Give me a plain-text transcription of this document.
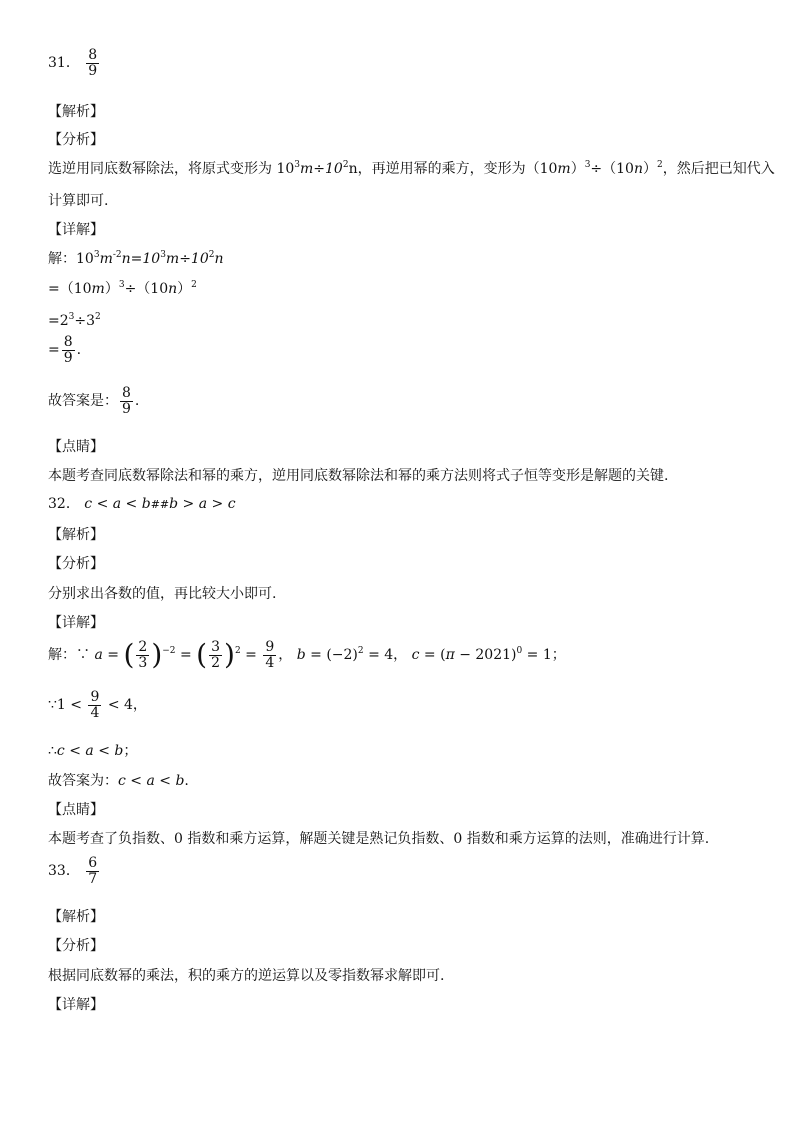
31． $\frac{8}{9}$
【解析】
【分析】
选逆用同底数幂除法，将原式变形为 $10^3m\div 10^2n$，再逆用幂的乘方，变形为$(10m)^3\div(10n)^2$，然后把已知代入
计算即可.
【详解】
解：$10^3m^{-2}n=10^3m\div 10^2n$
$=(10m)^3\div(10n)^2$
$=2^3\div 3^2$
= $\frac{8}{9}$ .
故答案是： $\frac{8}{9}$ .
【点睛】
本题考查同底数幂除法和幂的乘方，逆用同底数幂除法和幂的乘方法则将式子恒等变形是解题的关键.
32． c < a < b##b > a > c
【解析】
【分析】
分别求出各数的值，再比较大小即可.
【详解】
解：∵ a = ( $\frac{2}{3} )^{-2}$ = ( $\frac{3}{2} )^2 = \frac{9}{4}$ ， $b = (-2)^2 = 4$， $c = (\pi - 2021)^0 = 1$；
∵1 < $\frac{9}{4} < 4$，
∴c < a < b；
故答案为：c < a < b.
【点睛】
本题考查了负指数、0 指数和乘方运算，解题关键是熟记负指数、0 指数和乘方运算的法则，准确进行计算.
33． $\frac{6}{7}$
【解析】
【分析】
根据同底数幂的乘法，积的乘方的逆运算以及零指数幂求解即可.
【详解】
